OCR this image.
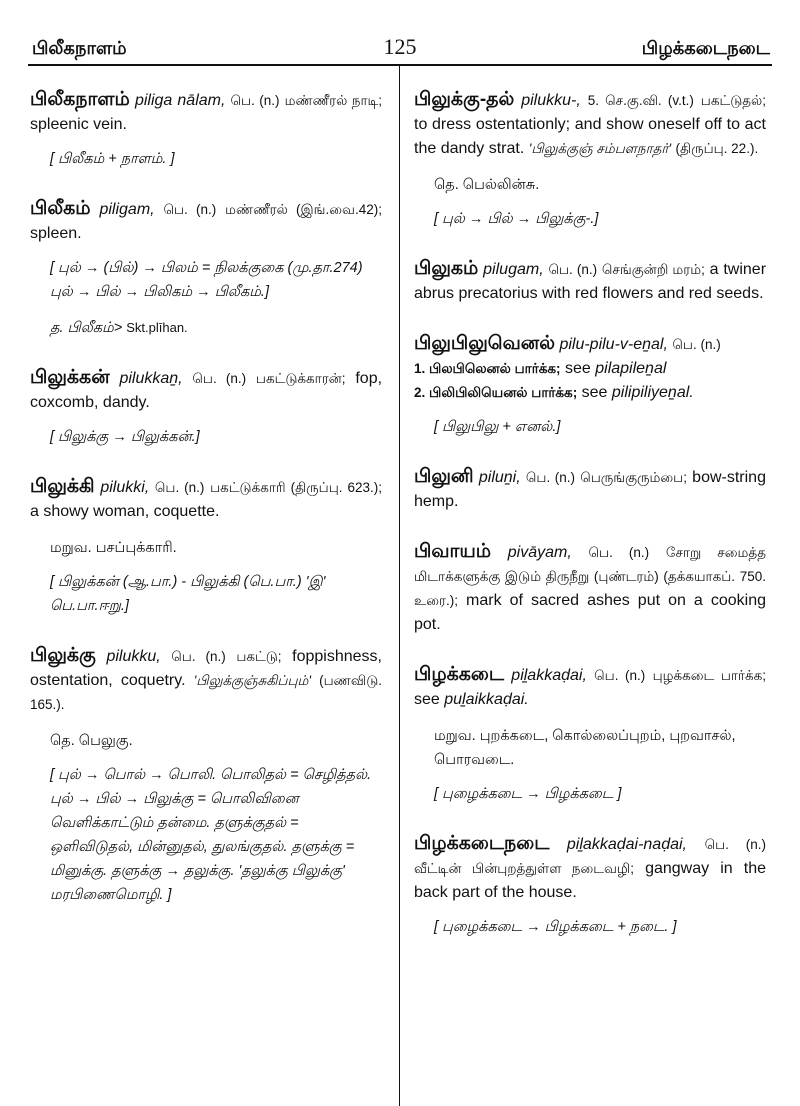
125
பிலீகநாளம்	பிழக்கடைநடை

பிலீகநாளம் piliga nālam, பெ. (n.) மண்ணீரல் நாடி; spleenic vein.

[ பிலீகம் + நாளம். ]

பிலீகம் piligam, பெ. (n.) மண்ணீரல் (இங்.வை.42); spleen.

[ புல் → (பில்) → பிலம் = நிலக்குகை (மு.தா.274) புல் → பில் → பிலிகம் → பிலீகம்.]
த. பிலீகம்> Skt.plīhan.

பிலுக்கன் pilukkaṉ, பெ. (n.) பகட்டுக்காரன்; fop, coxcomb, dandy.

[ பிலுக்கு → பிலுக்கன்.]

பிலுக்கி pilukki, பெ. (n.) பகட்டுக்காரி (திருப்பு. 623.); a showy woman, coquette.

மறுவ. பசப்புக்காரி.
[ பிலுக்கன் (ஆ.பா.) - பிலுக்கி (பெ.பா.) 'இ' பெ.பா.ஈறு.]

பிலுக்கு pilukku, பெ. (n.) பகட்டு; foppishness, ostentation, coquetry. 'பிலுக்குஞ்சுகிப்பும்' (பணவிடு. 165.).

தெ. பெலுகு.
[ புல் → பொல் → பொலி. பொலிதல் = செழித்தல். புல் → பில் → பிலுக்கு = பொலிவினை வெளிக்காட்டும் தன்மை. தளுக்குதல் = ஒளிவிடுதல், மின்னுதல், துலங்குதல். தளுக்கு = மினுக்கு. தளுக்கு → தலுக்கு. 'தலுக்கு பிலுக்கு' மரபிணைமொழி. ]

பிலுக்கு-தல் pilukku-, 5. செ.கு.வி. (v.t.) பகட்டுதல்; to dress ostentationly; and show oneself off to act the dandy strat. 'பிலுக்குஞ் சம்பளநாதர்' (திருப்பு. 22.).

தெ. பெல்லின்சு.
[ புல் → பில் → பிலுக்கு-.]

பிலுகம் pilugam, பெ. (n.) செங்குன்றி மரம்; a twiner abrus precatorius with red flowers and red seeds.

பிலுபிலுவெனல் pilu-pilu-v-eṉal, பெ. (n.)

1. பிலபிலெனல் பார்க்க; see pilapileṉal

2. பிலிபிலியெனல் பார்க்க; see pilipiliyeṉal.

[ பிலுபிலு + எனல்.]

பிலுனி piluṉi, பெ. (n.) பெருங்குரும்பை; bow-string hemp.

பிவாயம் pivāyam, பெ. (n.) சோறு சமைத்த மிடாக்களுக்கு இடும் திருநீறு (புண்டரம்) (தக்கயாகப். 750. உரை.); mark of sacred ashes put on a cooking pot.

பிழக்கடை piḻakkaḍai, பெ. (n.) புழக்கடை பார்க்க; see puḻaikkaḍai.

மறுவ. புறக்கடை, கொல்லைப்புறம், புறவாசல், பொரவடை.
[ புழைக்கடை → பிழக்கடை ]

பிழக்கடைநடை piḻakkaḍai-naḍai, பெ. (n.) வீட்டின் பின்புறத்துள்ள நடைவழி; gangway in the back part of the house.

[ புழைக்கடை → பிழக்கடை + நடை. ]
